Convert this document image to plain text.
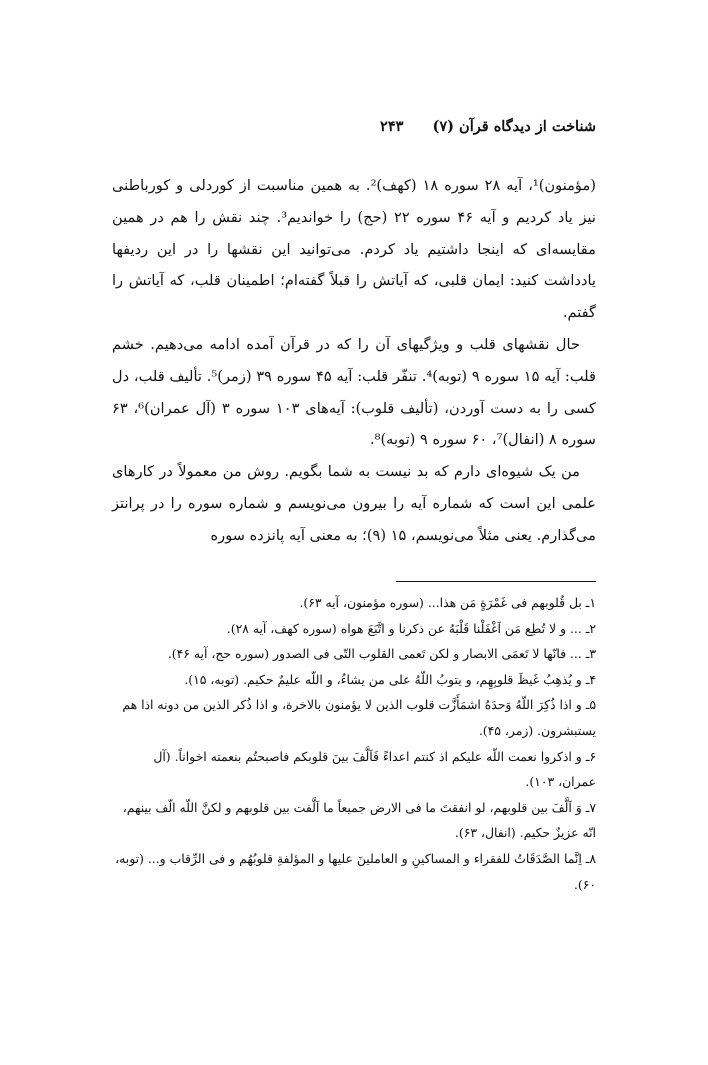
شناخت از دیدگاه قرآن (۷) ۲۴۳

(مؤمنون)¹، آیه ۲۸ سوره ۱۸ (کهف)². به همین مناسبت از کوردلی و کورباطنی نیز یاد کردیم و آیه ۴۶ سوره ۲۲ (حج) را خواندیم³. چند نقش را هم در همین مقایسه‌ای که اینجا داشتیم یاد کردم. می‌توانید این نقشها را در این ردیفها یادداشت کنید: ایمان قلبی، که آیاتش را قبلاً گفته‌ام؛ اطمینان قلب، که آیاتش را گفتم.

حال نقشهای قلب و ویژگیهای آن را که در قرآن آمده ادامه می‌دهیم. خشم قلب: آیه ۱۵ سوره ۹ (توبه)⁴. تنفّر قلب: آیه ۴۵ سوره ۳۹ (زمر)⁵. تألیف قلب، دل کسی را به دست آوردن، (تألیف قلوب): آیه‌های ۱۰۳ سوره ۳ (آل عمران)⁶، ۶۳ سوره ۸ (انفال)⁷، ۶۰ سوره ۹ (توبه)⁸.

من یک شیوه‌ای دارم که بد نیست به شما بگویم. روش من معمولاً در کارهای علمی این است که شماره آیه را بیرون می‌نویسم و شماره سوره را در پرانتز می‌گذارم. یعنی مثلاً می‌نویسم، ۱۵ (۹)؛ به معنی آیه پانزده سوره

۱ـ بل قُلوبهم فی غَمْرَةٍ مَن هذا... (سوره مؤمنون، آیه ۶۳).

۲ـ ... و لا تُطِع مَن اَغْفَلْنا قَلْبَهُ عن ذکرنا و اتَّبَعَ هواه (سوره کهف، آیه ۲۸).

۳ـ ... فانّها لا تَعمَی الابصار و لکن تَعمی القلوب التّی فی الصدور (سوره حج، آیه ۴۶).

۴ـ و یُذهِبُ غَیظَ قلوبِهِم، و یتوبُ اللّهُ علی من یشاءُ، و اللّه علیمٌ حکیم. (توبه، ۱۵).

۵ـ و اذا ذُکِرَ اللّهُ وَحدَهُ اشمَأَزَّت قلوب الذین لا یؤمنون بالاخرة، و اذا ذُکر الذین من دونه اذا هم یستبشرون. (زمر، ۴۵).

۶ـ و اذکروا نعمت اللّه علیکم اذ کنتم اعداءً فَاَلَّفَ بینَ قلوبکم فاصبحتُم بنعمته اخواناً. (آل عمران، ۱۰۳).

۷ـ وَ اَلَّفَ بین قلوبهم، لو انفقتَ ما فی الارض جمیعاً ما اَلَّفت بین قلوبهم و لکنَّ اللّه الّف بینهم، انّه عزیزٌ حکیم. (انفال، ۶۳).

۸ـ اِنَّما الصَّدَقَاتُ للفقراء و المساکینِ و العاملینَ علیها و المؤلفةِ قلوبُهُم و فی الرِّقاب و... (توبه، ۶۰).
